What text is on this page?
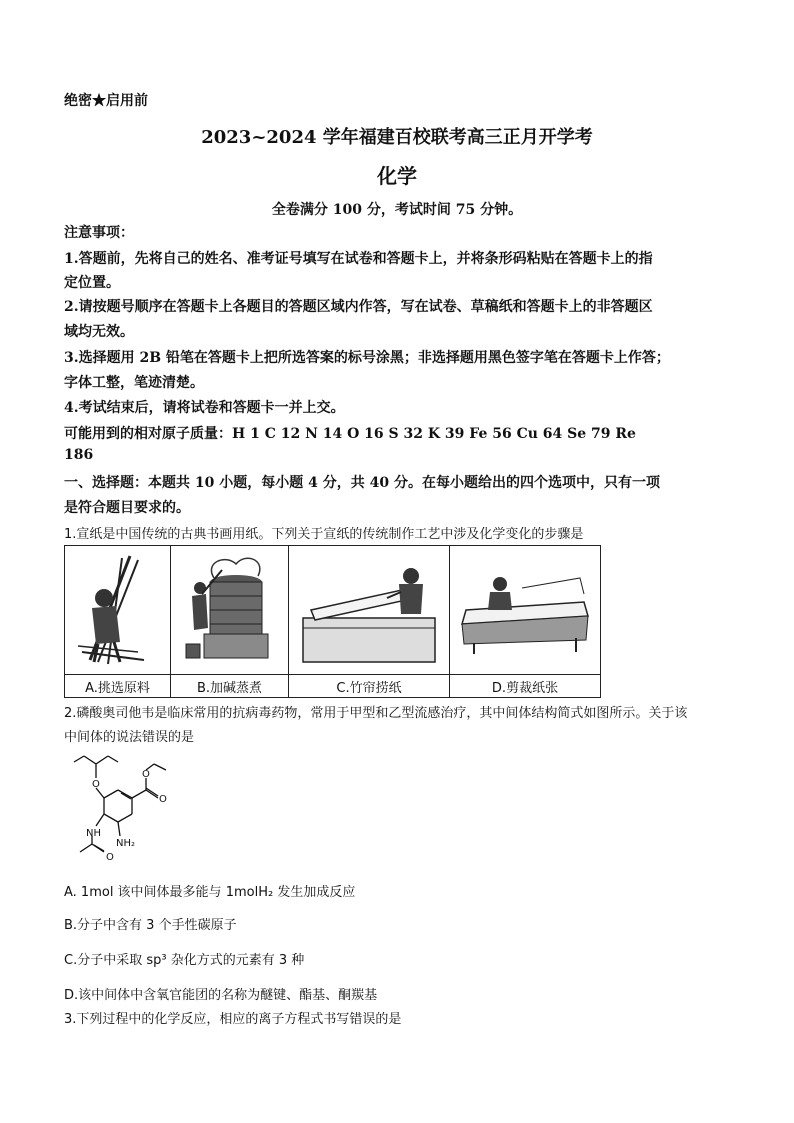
绝密★启用前
2023~2024 学年福建百校联考高三正月开学考
化学
全卷满分 100 分，考试时间 75 分钟。
注意事项：
1.答题前，先将自己的姓名、准考证号填写在试卷和答题卡上，并将条形码粘贴在答题卡上的指
定位置。
2.请按题号顺序在答题卡上各题目的答题区域内作答，写在试卷、草稿纸和答题卡上的非答题区
域均无效。
3.选择题用 2B 铅笔在答题卡上把所选答案的标号涂黑；非选择题用黑色签字笔在答题卡上作答；
字体工整，笔迹清楚。
4.考试结束后，请将试卷和答题卡一并上交。
可能用到的相对原子质量：H 1 C 12 N 14 O 16 S 32 K 39 Fe 56 Cu 64 Se 79 Re
186
一、选择题：本题共 10 小题，每小题 4 分，共 40 分。在每小题给出的四个选项中，只有一项
是符合题目要求的。
1.宣纸是中国传统的古典书画用纸。下列关于宣纸的传统制作工艺中涉及化学变化的步骤是

A.挑选原料	B.加碱蒸煮	C.竹帘捞纸	D.剪裁纸张
2.磷酸奥司他韦是临床常用的抗病毒药物，常用于甲型和乙型流感治疗，其中间体结构简式如图所示。关于该
中间体的说法错误的是
O
O
O
O
NH
NH₂
A. 1mol 该中间体最多能与 1molH₂ 发生加成反应
B.分子中含有 3 个手性碳原子
C.分子中采取 sp³ 杂化方式的元素有 3 种
D.该中间体中含氧官能团的名称为醚键、酯基、酮羰基
3.下列过程中的化学反应，相应的离子方程式书写错误的是
